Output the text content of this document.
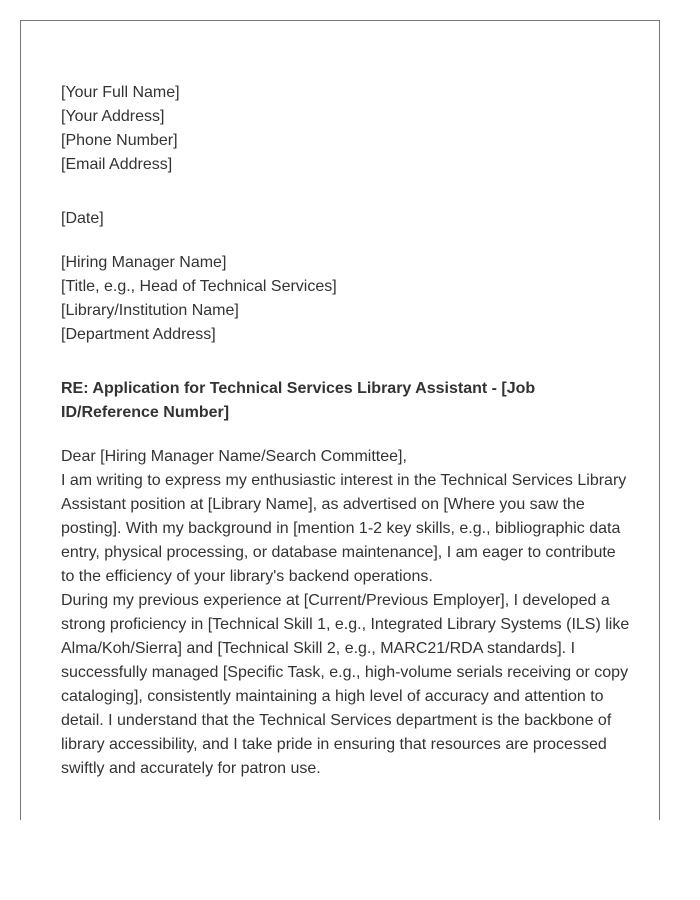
[Your Full Name]

[Your Address]

[Phone Number]

[Email Address]

[Date]

[Hiring Manager Name]

[Title, e.g., Head of Technical Services]

[Library/Institution Name]

[Department Address]

RE: Application for Technical Services Library Assistant - [Job ID/Reference Number]

Dear [Hiring Manager Name/Search Committee],

I am writing to express my enthusiastic interest in the Technical Services Library Assistant position at [Library Name], as advertised on [Where you saw the posting]. With my background in [mention 1-2 key skills, e.g., bibliographic data entry, physical processing, or database maintenance], I am eager to contribute to the efficiency of your library's backend operations.

During my previous experience at [Current/Previous Employer], I developed a strong proficiency in [Technical Skill 1, e.g., Integrated Library Systems (ILS) like Alma/Koh/Sierra] and [Technical Skill 2, e.g., MARC21/RDA standards]. I successfully managed [Specific Task, e.g., high-volume serials receiving or copy cataloging], consistently maintaining a high level of accuracy and attention to detail. I understand that the Technical Services department is the backbone of library accessibility, and I take pride in ensuring that resources are processed swiftly and accurately for patron use.
